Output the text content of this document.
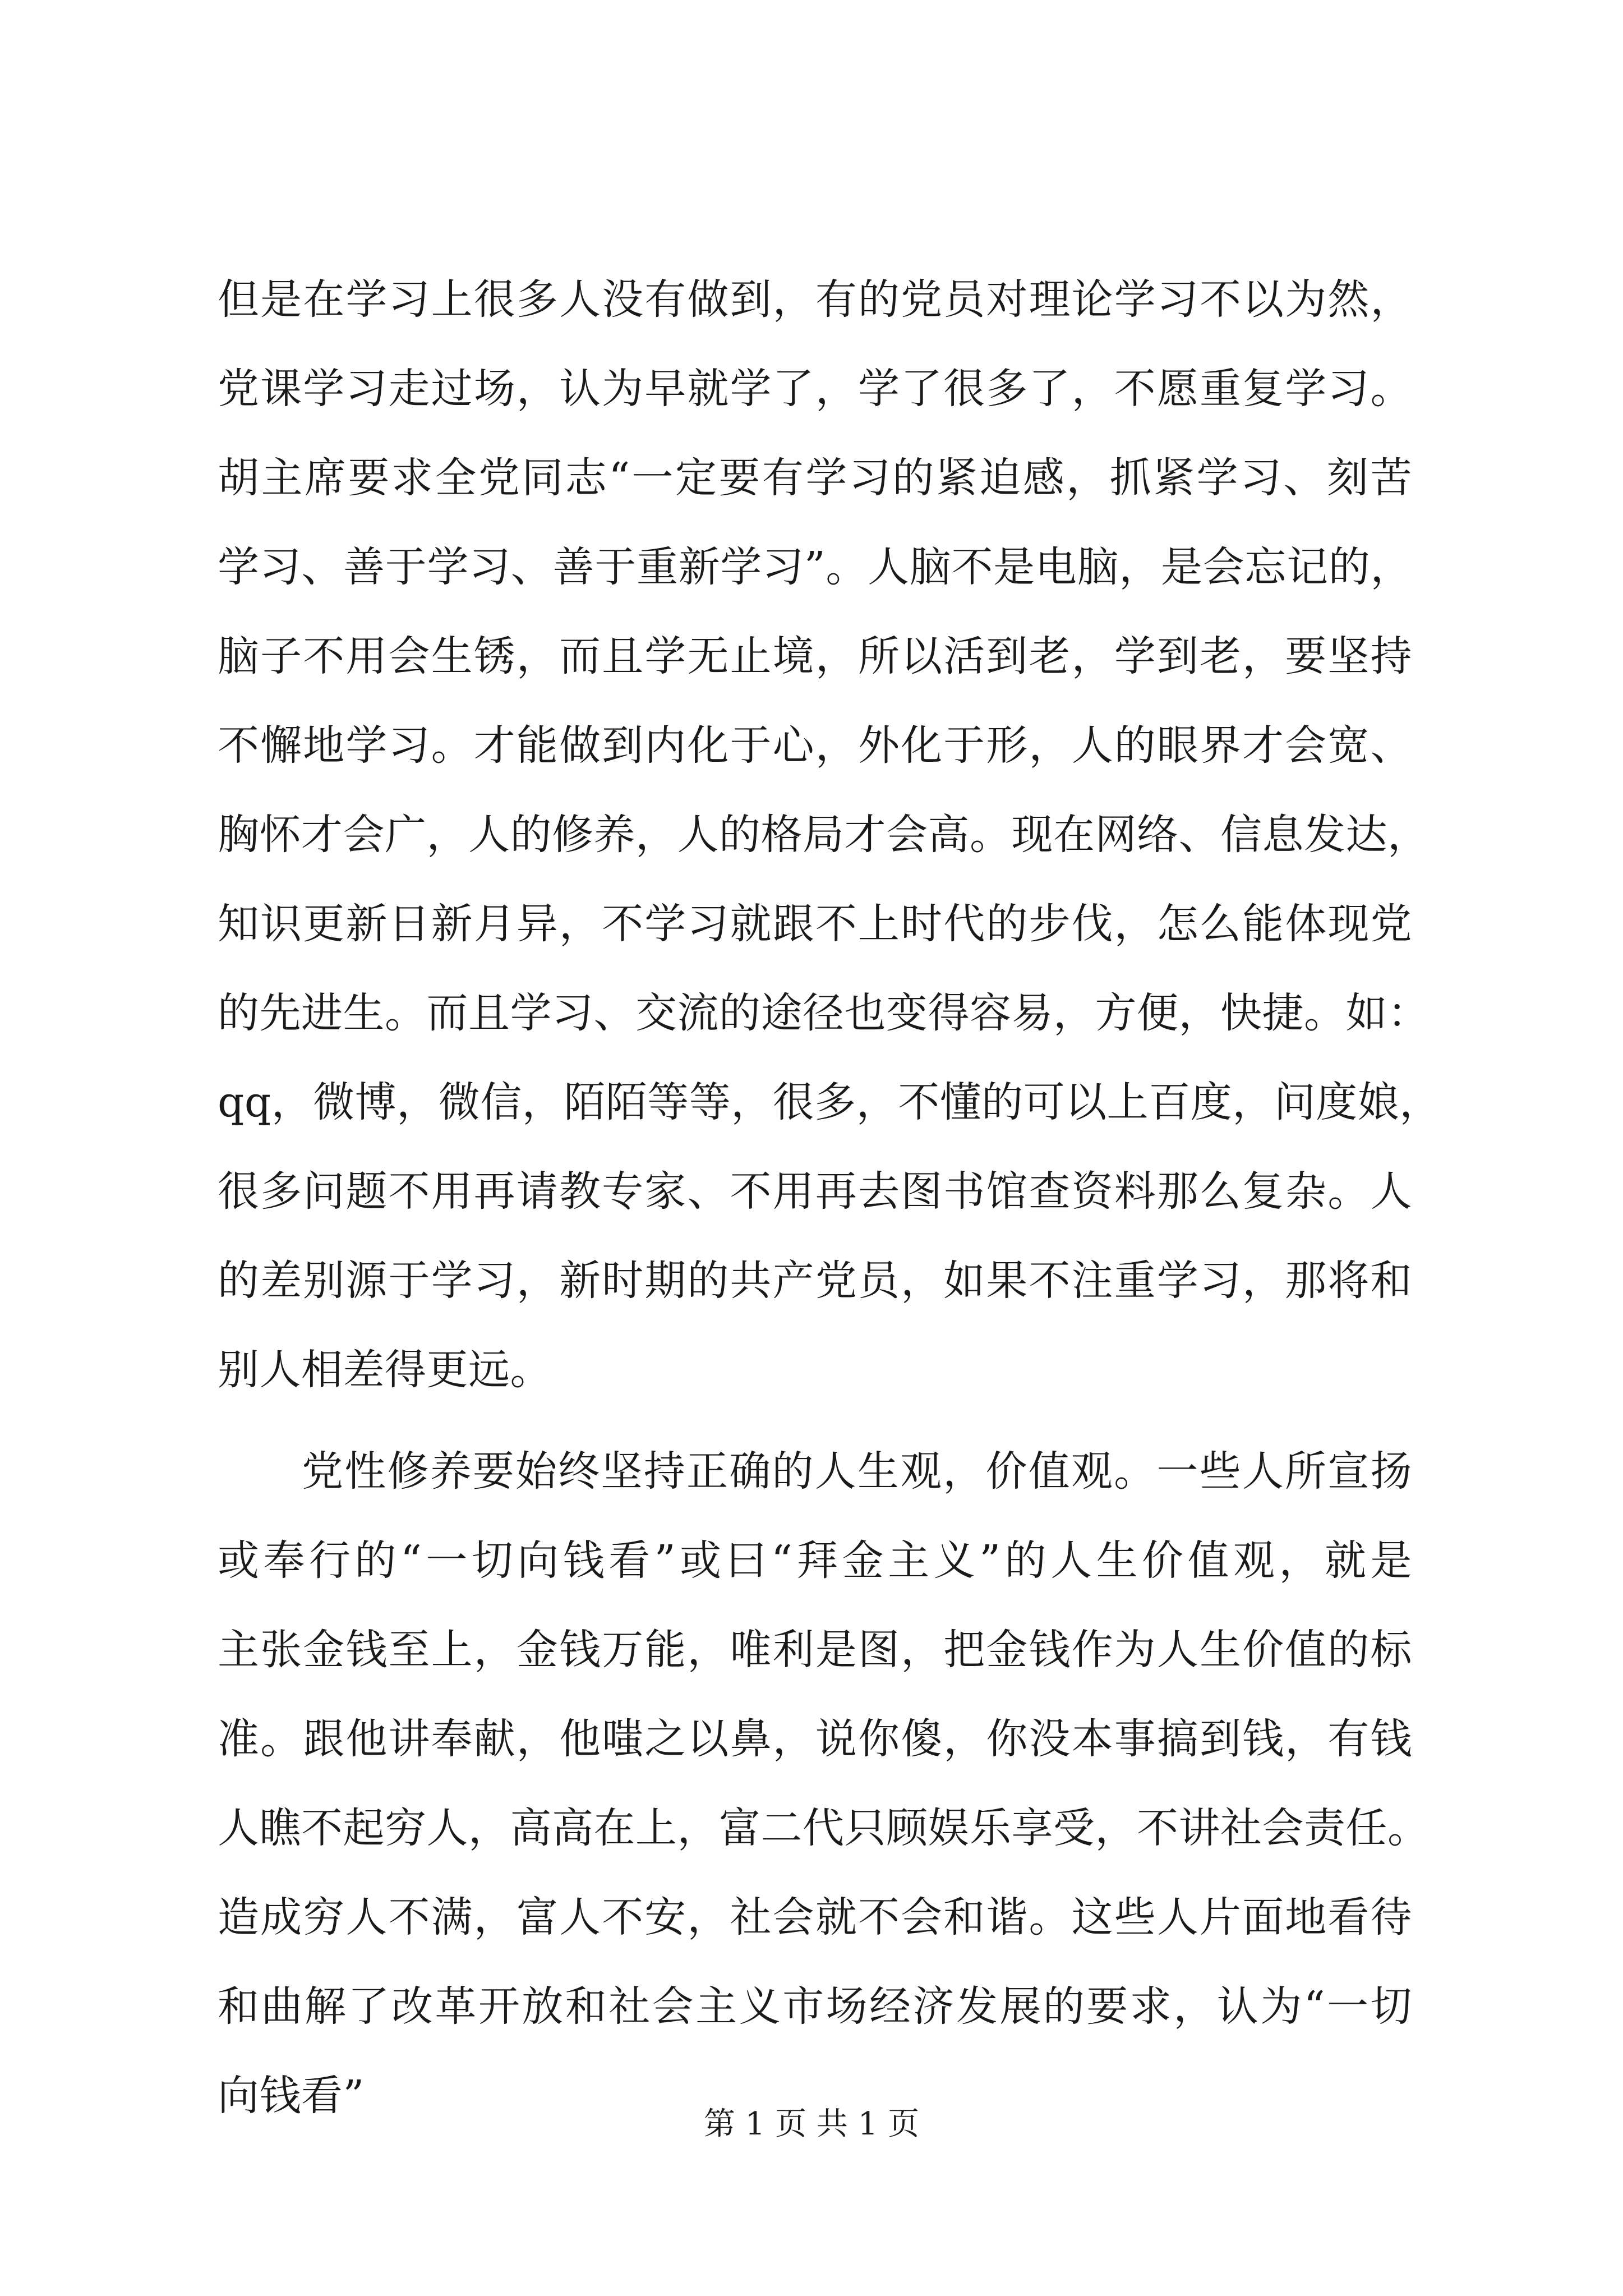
但是在学习上很多人没有做到，有的党员对理论学习不以为然，
党课学习走过场，认为早就学了，学了很多了，不愿重复学习。
胡主席要求全党同志“一定要有学习的紧迫感，抓紧学习、刻苦
学习、善于学习、善于重新学习”。人脑不是电脑，是会忘记的，
脑子不用会生锈，而且学无止境，所以活到老，学到老，要坚持
不懈地学习。才能做到内化于心，外化于形，人的眼界才会宽、
胸怀才会广，人的修养，人的格局才会高。现在网络、信息发达，
知识更新日新月异，不学习就跟不上时代的步伐，怎么能体现党
的先进生。而且学习、交流的途径也变得容易，方便，快捷。如：
qq，微博，微信，陌陌等等，很多，不懂的可以上百度，问度娘，
很多问题不用再请教专家、不用再去图书馆查资料那么复杂。人
的差别源于学习，新时期的共产党员，如果不注重学习，那将和
别人相差得更远。
党性修养要始终坚持正确的人生观，价值观。一些人所宣扬
或奉行的“一切向钱看”或曰“拜金主义”的人生价值观，就是
主张金钱至上，金钱万能，唯利是图，把金钱作为人生价值的标
准。跟他讲奉献，他嗤之以鼻，说你傻，你没本事搞到钱，有钱
人瞧不起穷人，高高在上，富二代只顾娱乐享受，不讲社会责任。
造成穷人不满，富人不安，社会就不会和谐。这些人片面地看待
和曲解了改革开放和社会主义市场经济发展的要求，认为“一切
向钱看”
第 1 页 共 1 页
